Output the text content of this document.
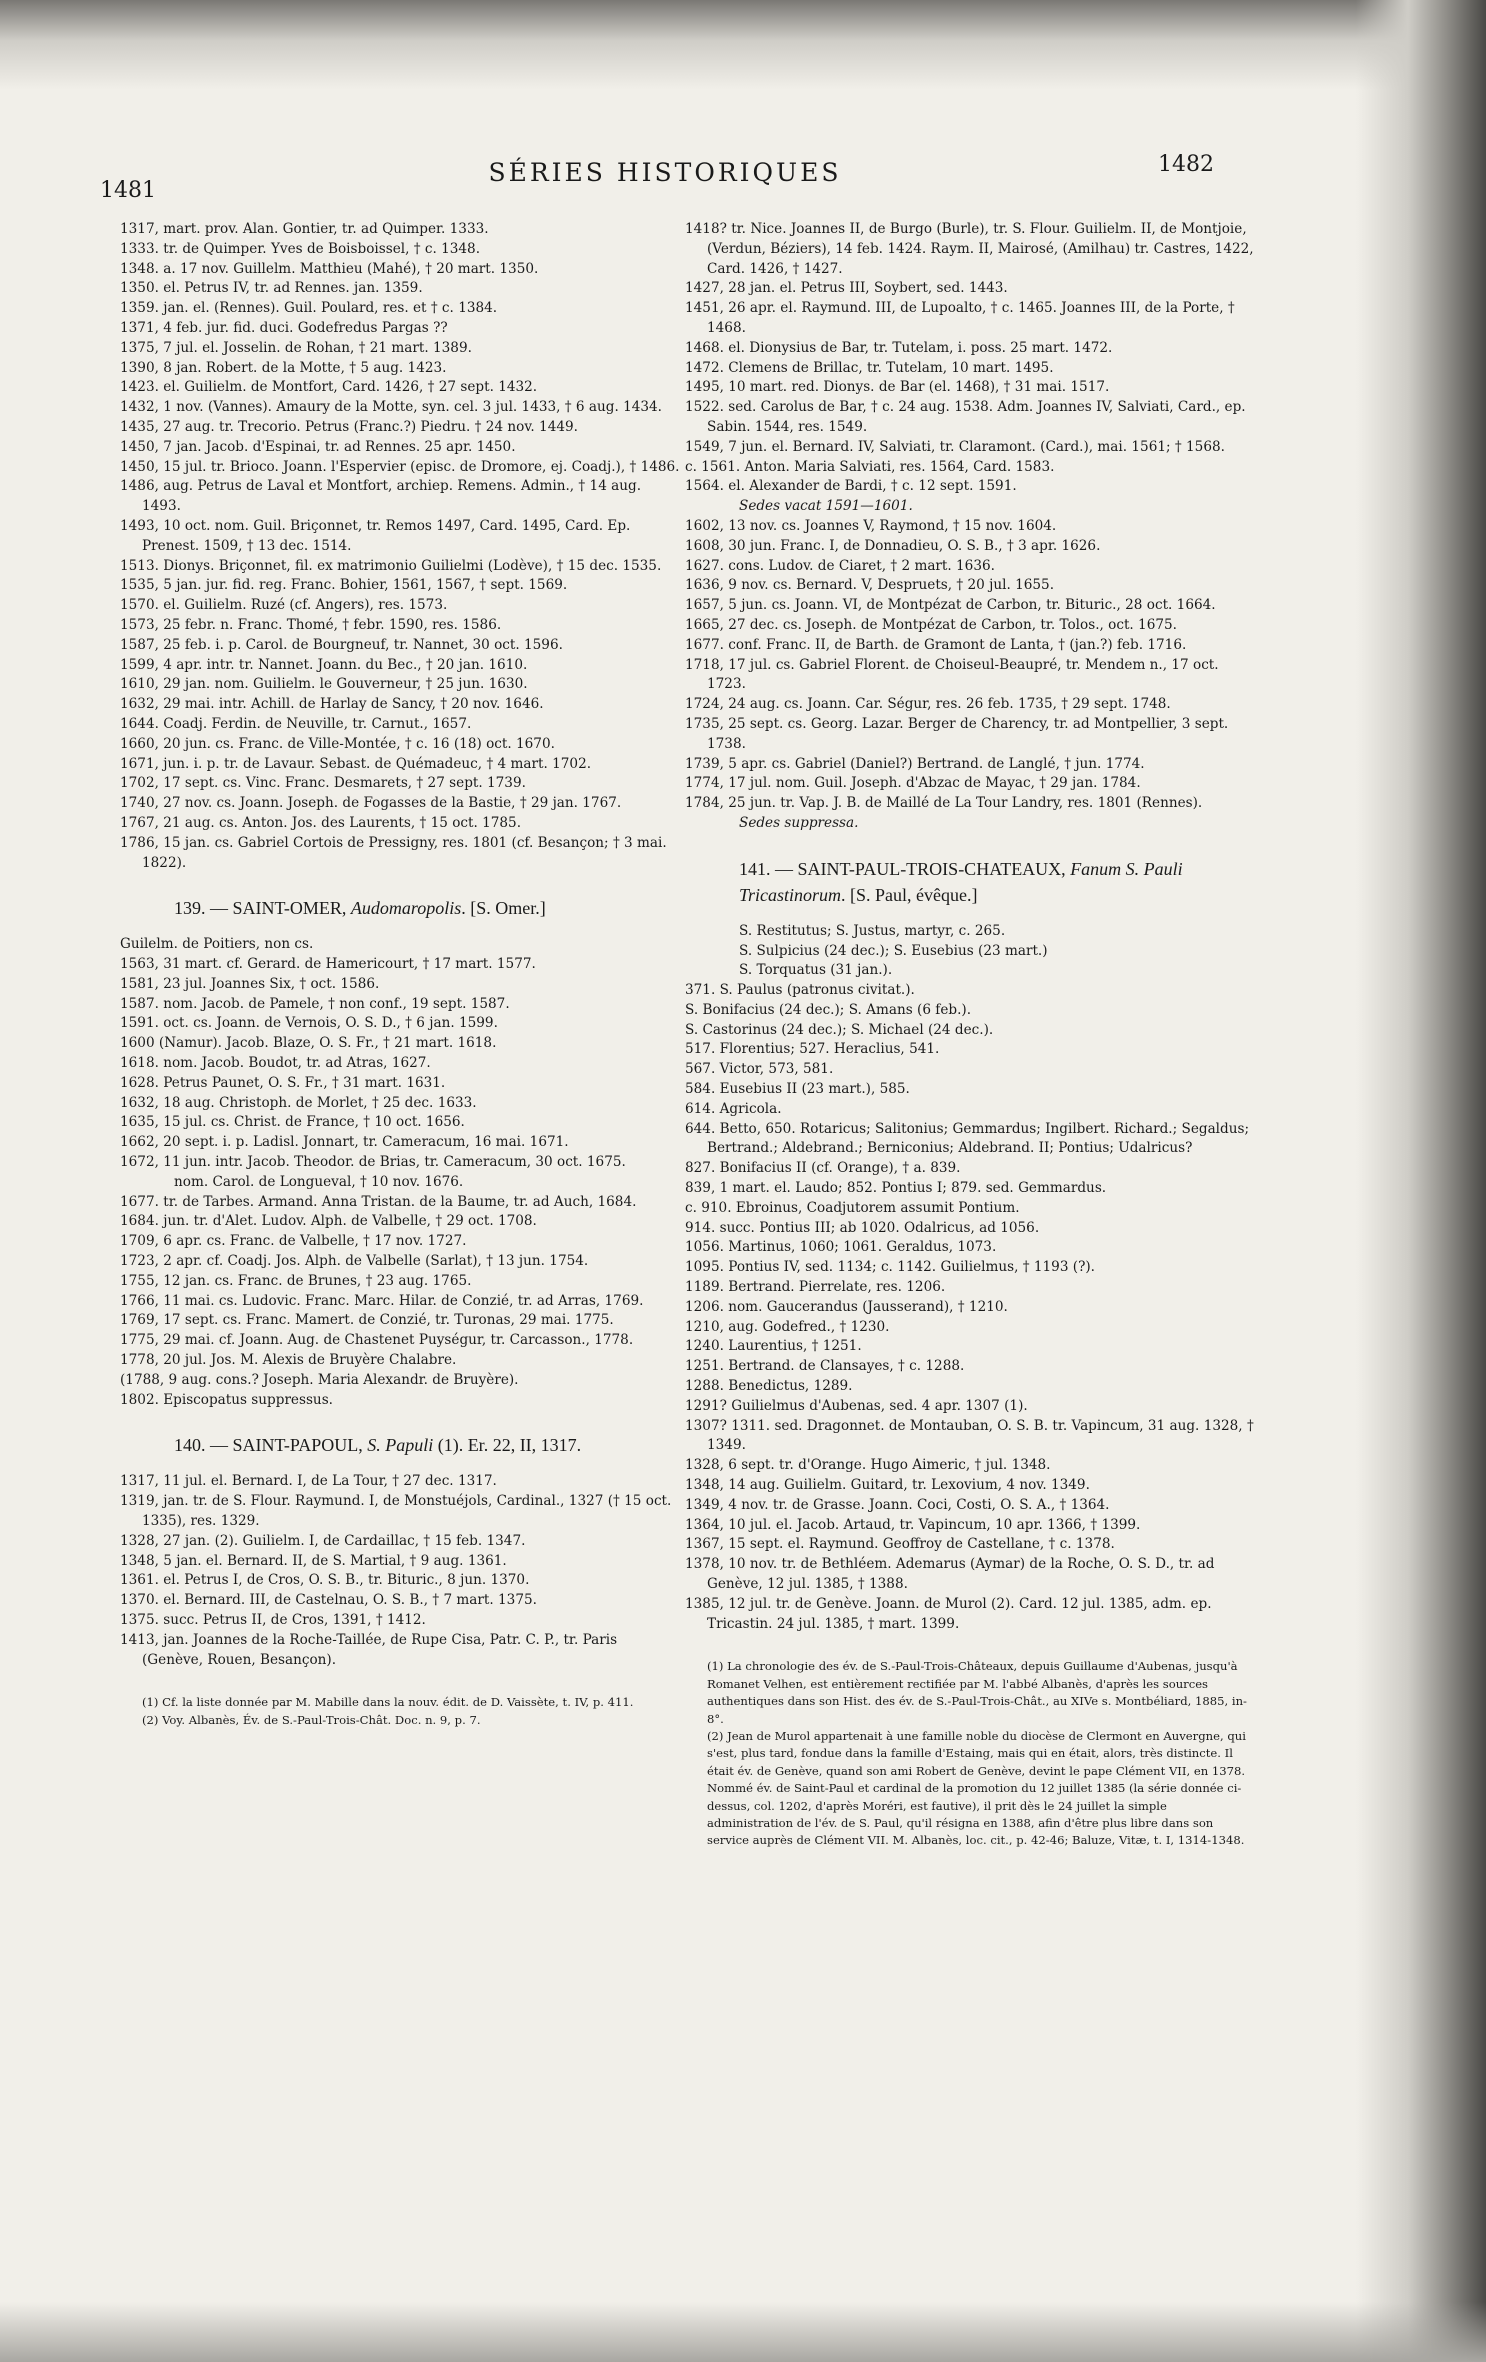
SÉRIES HISTORIQUES
1481
1482

1317, mart. prov. Alan. Gontier, tr. ad Quimper. 1333.

1333. tr. de Quimper. Yves de Boisboissel, † c. 1348.

1348. a. 17 nov. Guillelm. Matthieu (Mahé), † 20 mart. 1350.

1350. el. Petrus IV, tr. ad Rennes. jan. 1359.

1359. jan. el. (Rennes). Guil. Poulard, res. et † c. 1384.

1371, 4 feb. jur. fid. duci. Godefredus Pargas ??

1375, 7 jul. el. Josselin. de Rohan, † 21 mart. 1389.

1390, 8 jan. Robert. de la Motte, † 5 aug. 1423.

1423. el. Guilielm. de Montfort, Card. 1426, † 27 sept. 1432.

1432, 1 nov. (Vannes). Amaury de la Motte, syn. cel. 3 jul. 1433, † 6 aug. 1434.

1435, 27 aug. tr. Trecorio. Petrus (Franc.?) Piedru. † 24 nov. 1449.

1450, 7 jan. Jacob. d'Espinai, tr. ad Rennes. 25 apr. 1450.

1450, 15 jul. tr. Brioco. Joann. l'Espervier (episc. de Dromore, ej. Coadj.), † 1486.

1486, aug. Petrus de Laval et Montfort, archiep. Remens. Admin., † 14 aug. 1493.

1493, 10 oct. nom. Guil. Briçonnet, tr. Remos 1497, Card. 1495, Card. Ep. Prenest. 1509, † 13 dec. 1514.

1513. Dionys. Briçonnet, fil. ex matrimonio Guilielmi (Lodève), † 15 dec. 1535.

1535, 5 jan. jur. fid. reg. Franc. Bohier, 1561, 1567, † sept. 1569.

1570. el. Guilielm. Ruzé (cf. Angers), res. 1573.

1573, 25 febr. n. Franc. Thomé, † febr. 1590, res. 1586.

1587, 25 feb. i. p. Carol. de Bourgneuf, tr. Nannet, 30 oct. 1596.

1599, 4 apr. intr. tr. Nannet. Joann. du Bec., † 20 jan. 1610.

1610, 29 jan. nom. Guilielm. le Gouverneur, † 25 jun. 1630.

1632, 29 mai. intr. Achill. de Harlay de Sancy, † 20 nov. 1646.

1644. Coadj. Ferdin. de Neuville, tr. Carnut., 1657.

1660, 20 jun. cs. Franc. de Ville-Montée, † c. 16 (18) oct. 1670.

1671, jun. i. p. tr. de Lavaur. Sebast. de Quémadeuc, † 4 mart. 1702.

1702, 17 sept. cs. Vinc. Franc. Desmarets, † 27 sept. 1739.

1740, 27 nov. cs. Joann. Joseph. de Fogasses de la Bastie, † 29 jan. 1767.

1767, 21 aug. cs. Anton. Jos. des Laurents, † 15 oct. 1785.

1786, 15 jan. cs. Gabriel Cortois de Pressigny, res. 1801 (cf. Besançon; † 3 mai. 1822).

139. — SAINT-OMER, Audomaropolis. [S. Omer.]

Guilelm. de Poitiers, non cs.

1563, 31 mart. cf. Gerard. de Hamericourt, † 17 mart. 1577.

1581, 23 jul. Joannes Six, † oct. 1586.

1587. nom. Jacob. de Pamele, † non conf., 19 sept. 1587.

1591. oct. cs. Joann. de Vernois, O. S. D., † 6 jan. 1599.

1600 (Namur). Jacob. Blaze, O. S. Fr., † 21 mart. 1618.

1618. nom. Jacob. Boudot, tr. ad Atras, 1627.

1628. Petrus Paunet, O. S. Fr., † 31 mart. 1631.

1632, 18 aug. Christoph. de Morlet, † 25 dec. 1633.

1635, 15 jul. cs. Christ. de France, † 10 oct. 1656.

1662, 20 sept. i. p. Ladisl. Jonnart, tr. Cameracum, 16 mai. 1671.

1672, 11 jun. intr. Jacob. Theodor. de Brias, tr. Cameracum, 30 oct. 1675.

nom. Carol. de Longueval, † 10 nov. 1676.

1677. tr. de Tarbes. Armand. Anna Tristan. de la Baume, tr. ad Auch, 1684.

1684. jun. tr. d'Alet. Ludov. Alph. de Valbelle, † 29 oct. 1708.

1709, 6 apr. cs. Franc. de Valbelle, † 17 nov. 1727.

1723, 2 apr. cf. Coadj. Jos. Alph. de Valbelle (Sarlat), † 13 jun. 1754.

1755, 12 jan. cs. Franc. de Brunes, † 23 aug. 1765.

1766, 11 mai. cs. Ludovic. Franc. Marc. Hilar. de Conzié, tr. ad Arras, 1769.

1769, 17 sept. cs. Franc. Mamert. de Conzié, tr. Turonas, 29 mai. 1775.

1775, 29 mai. cf. Joann. Aug. de Chastenet Puységur, tr. Carcasson., 1778.

1778, 20 jul. Jos. M. Alexis de Bruyère Chalabre.

(1788, 9 aug. cons.? Joseph. Maria Alexandr. de Bruyère).

1802. Episcopatus suppressus.

140. — SAINT-PAPOUL, S. Papuli (1). Er. 22, II, 1317.

1317, 11 jul. el. Bernard. I, de La Tour, † 27 dec. 1317.

1319, jan. tr. de S. Flour. Raymund. I, de Monstuéjols, Cardinal., 1327 († 15 oct. 1335), res. 1329.

1328, 27 jan. (2). Guilielm. I, de Cardaillac, † 15 feb. 1347.

1348, 5 jan. el. Bernard. II, de S. Martial, † 9 aug. 1361.

1361. el. Petrus I, de Cros, O. S. B., tr. Bituric., 8 jun. 1370.

1370. el. Bernard. III, de Castelnau, O. S. B., † 7 mart. 1375.

1375. succ. Petrus II, de Cros, 1391, † 1412.

1413, jan. Joannes de la Roche-Taillée, de Rupe Cisa, Patr. C. P., tr. Paris (Genève, Rouen, Besançon).

(1) Cf. la liste donnée par M. Mabille dans la nouv. édit. de D. Vaissète, t. IV, p. 411.

(2) Voy. Albanès, Év. de S.-Paul-Trois-Chât. Doc. n. 9, p. 7.

1418? tr. Nice. Joannes II, de Burgo (Burle), tr. S. Flour. Guilielm. II, de Montjoie, (Verdun, Béziers), 14 feb. 1424. Raym. II, Mairosé, (Amilhau) tr. Castres, 1422, Card. 1426, † 1427.

1427, 28 jan. el. Petrus III, Soybert, sed. 1443.

1451, 26 apr. el. Raymund. III, de Lupoalto, † c. 1465. Joannes III, de la Porte, † 1468.

1468. el. Dionysius de Bar, tr. Tutelam, i. poss. 25 mart. 1472.

1472. Clemens de Brillac, tr. Tutelam, 10 mart. 1495.

1495, 10 mart. red. Dionys. de Bar (el. 1468), † 31 mai. 1517.

1522. sed. Carolus de Bar, † c. 24 aug. 1538. Adm. Joannes IV, Salviati, Card., ep. Sabin. 1544, res. 1549.

1549, 7 jun. el. Bernard. IV, Salviati, tr. Claramont. (Card.), mai. 1561; † 1568.

c. 1561. Anton. Maria Salviati, res. 1564, Card. 1583.

1564. el. Alexander de Bardi, † c. 12 sept. 1591.

Sedes vacat 1591—1601.

1602, 13 nov. cs. Joannes V, Raymond, † 15 nov. 1604.

1608, 30 jun. Franc. I, de Donnadieu, O. S. B., † 3 apr. 1626.

1627. cons. Ludov. de Ciaret, † 2 mart. 1636.

1636, 9 nov. cs. Bernard. V, Despruets, † 20 jul. 1655.

1657, 5 jun. cs. Joann. VI, de Montpézat de Carbon, tr. Bituric., 28 oct. 1664.

1665, 27 dec. cs. Joseph. de Montpézat de Carbon, tr. Tolos., oct. 1675.

1677. conf. Franc. II, de Barth. de Gramont de Lanta, † (jan.?) feb. 1716.

1718, 17 jul. cs. Gabriel Florent. de Choiseul-Beaupré, tr. Mendem n., 17 oct. 1723.

1724, 24 aug. cs. Joann. Car. Ségur, res. 26 feb. 1735, † 29 sept. 1748.

1735, 25 sept. cs. Georg. Lazar. Berger de Charency, tr. ad Montpellier, 3 sept. 1738.

1739, 5 apr. cs. Gabriel (Daniel?) Bertrand. de Langlé, † jun. 1774.

1774, 17 jul. nom. Guil. Joseph. d'Abzac de Mayac, † 29 jan. 1784.

1784, 25 jun. tr. Vap. J. B. de Maillé de La Tour Landry, res. 1801 (Rennes).

Sedes suppressa.

141. — SAINT-PAUL-TROIS-CHATEAUX, Fanum S. Pauli Tricastinorum. [S. Paul, évêque.]

S. Restitutus; S. Justus, martyr, c. 265.

S. Sulpicius (24 dec.); S. Eusebius (23 mart.)

S. Torquatus (31 jan.).

371. S. Paulus (patronus civitat.).

S. Bonifacius (24 dec.); S. Amans (6 feb.).

S. Castorinus (24 dec.); S. Michael (24 dec.).

517. Florentius; 527. Heraclius, 541.

567. Victor, 573, 581.

584. Eusebius II (23 mart.), 585.

614. Agricola.

644. Betto, 650. Rotaricus; Salitonius; Gemmardus; Ingilbert. Richard.; Segaldus; Bertrand.; Aldebrand.; Berniconius; Aldebrand. II; Pontius; Udalricus?

827. Bonifacius II (cf. Orange), † a. 839.

839, 1 mart. el. Laudo; 852. Pontius I; 879. sed. Gemmardus.

c. 910. Ebroinus, Coadjutorem assumit Pontium.

914. succ. Pontius III; ab 1020. Odalricus, ad 1056.

1056. Martinus, 1060; 1061. Geraldus, 1073.

1095. Pontius IV, sed. 1134; c. 1142. Guilielmus, † 1193 (?).

1189. Bertrand. Pierrelate, res. 1206.

1206. nom. Gaucerandus (Jausserand), † 1210.

1210, aug. Godefred., † 1230.

1240. Laurentius, † 1251.

1251. Bertrand. de Clansayes, † c. 1288.

1288. Benedictus, 1289.

1291? Guilielmus d'Aubenas, sed. 4 apr. 1307 (1).

1307? 1311. sed. Dragonnet. de Montauban, O. S. B. tr. Vapincum, 31 aug. 1328, † 1349.

1328, 6 sept. tr. d'Orange. Hugo Aimeric, † jul. 1348.

1348, 14 aug. Guilielm. Guitard, tr. Lexovium, 4 nov. 1349.

1349, 4 nov. tr. de Grasse. Joann. Coci, Costi, O. S. A., † 1364.

1364, 10 jul. el. Jacob. Artaud, tr. Vapincum, 10 apr. 1366, † 1399.

1367, 15 sept. el. Raymund. Geoffroy de Castellane, † c. 1378.

1378, 10 nov. tr. de Bethléem. Ademarus (Aymar) de la Roche, O. S. D., tr. ad Genève, 12 jul. 1385, † 1388.

1385, 12 jul. tr. de Genève. Joann. de Murol (2). Card. 12 jul. 1385, adm. ep. Tricastin. 24 jul. 1385, † mart. 1399.

(1) La chronologie des év. de S.-Paul-Trois-Châteaux, depuis Guillaume d'Aubenas, jusqu'à Romanet Velhen, est entièrement rectifiée par M. l'abbé Albanès, d'après les sources authentiques dans son Hist. des év. de S.-Paul-Trois-Chât., au XIVe s. Montbéliard, 1885, in-8°.

(2) Jean de Murol appartenait à une famille noble du diocèse de Clermont en Auvergne, qui s'est, plus tard, fondue dans la famille d'Estaing, mais qui en était, alors, très distincte. Il était év. de Genève, quand son ami Robert de Genève, devint le pape Clément VII, en 1378. Nommé év. de Saint-Paul et cardinal de la promotion du 12 juillet 1385 (la série donnée ci-dessus, col. 1202, d'après Moréri, est fautive), il prit dès le 24 juillet la simple administration de l'év. de S. Paul, qu'il résigna en 1388, afin d'être plus libre dans son service auprès de Clément VII. M. Albanès, loc. cit., p. 42-46; Baluze, Vitæ, t. I, 1314-1348.
